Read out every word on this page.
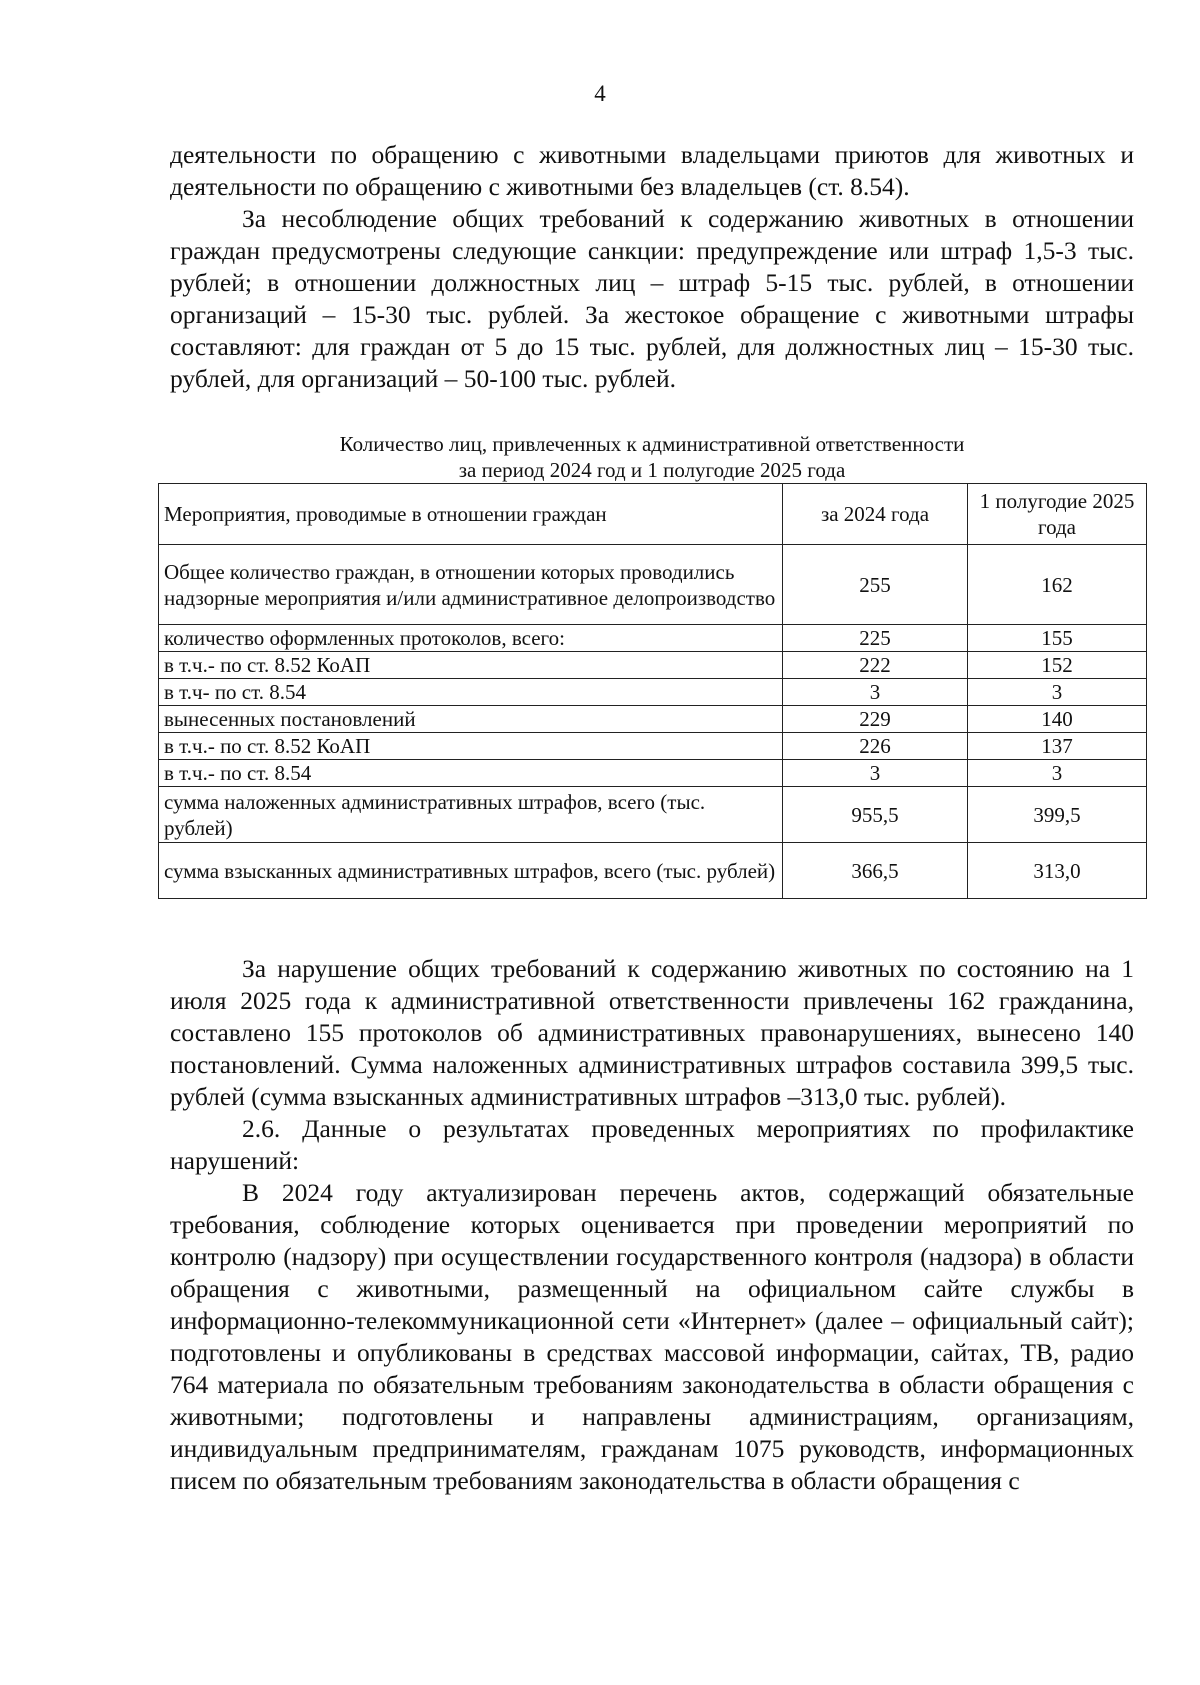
4

деятельности по обращению с животными владельцами приютов для животных и деятельности по обращению с животными без владельцев (ст. 8.54).

За несоблюдение общих требований к содержанию животных в отношении граждан предусмотрены следующие санкции: предупреждение или штраф 1,5-3 тыс. рублей; в отношении должностных лиц – штраф 5-15 тыс. рублей, в отношении организаций – 15-30 тыс. рублей. За жестокое обращение с животными штрафы составляют: для граждан от 5 до 15 тыс. рублей, для должностных лиц – 15-30 тыс. рублей, для организаций – 50-100 тыс. рублей.

Количество лиц, привлеченных к административной ответственности
за период 2024 год и 1 полугодие 2025 года
Мероприятия, проводимые в отношении граждан	за 2024 года	1 полугодие 2025 года
Общее количество граждан, в отношении которых проводились надзорные мероприятия и/или административное делопроизводство	255	162
количество оформленных протоколов, всего:	225	155
в т.ч.- по ст. 8.52 КоАП	222	152
в т.ч- по ст. 8.54	3	3
вынесенных постановлений	229	140
в т.ч.- по ст. 8.52 КоАП	226	137
в т.ч.- по ст. 8.54	3	3
сумма наложенных административных штрафов, всего (тыс. рублей)	955,5	399,5
сумма взысканных административных штрафов, всего (тыс. рублей)	366,5	313,0

За нарушение общих требований к содержанию животных по состоянию на 1 июля 2025 года к административной ответственности привлечены 162 гражданина, составлено 155 протоколов об административных правонарушениях, вынесено 140 постановлений. Сумма наложенных административных штрафов составила 399,5 тыс. рублей (сумма взысканных административных штрафов –313,0 тыс. рублей).

2.6. Данные о результатах проведенных мероприятиях по профилактике нарушений:

В 2024 году актуализирован перечень актов, содержащий обязательные требования, соблюдение которых оценивается при проведении мероприятий по контролю (надзору) при осуществлении государственного контроля (надзора) в области обращения с животными, размещенный на официальном сайте службы в информационно-телекоммуникационной сети «Интернет» (далее – официальный сайт); подготовлены и опубликованы в средствах массовой информации, сайтах, ТВ, радио 764 материала по обязательным требованиям законодательства в области обращения с животными; подготовлены и направлены администрациям, организациям, индивидуальным предпринимателям, гражданам 1075 руководств, информационных писем по обязательным требованиям законодательства в области обращения с
